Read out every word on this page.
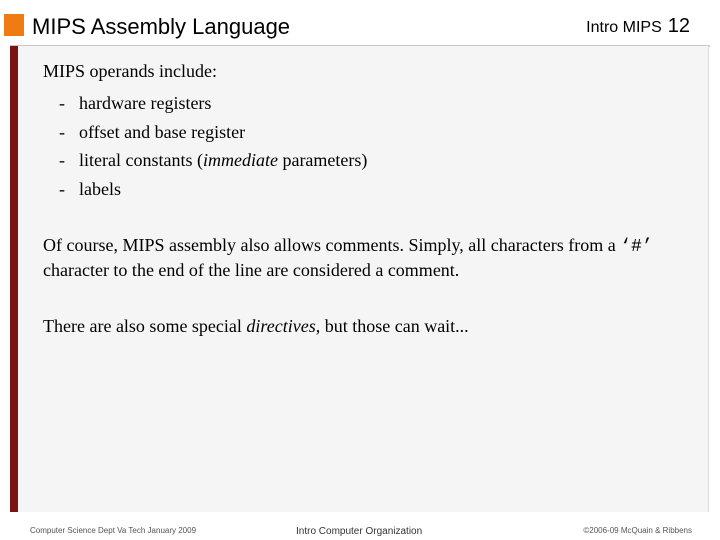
MIPS Assembly Language	Intro MIPS 12

MIPS operands include:

- hardware registers
- offset and base register
- literal constants (immediate parameters)
- labels

Of course, MIPS assembly also allows comments. Simply, all characters from a ‘#’ character to the end of the line are considered a comment.

There are also some special directives, but those can wait...

Computer Science Dept Va Tech January 2009	Intro Computer Organization	©2006-09 McQuain & Ribbens
